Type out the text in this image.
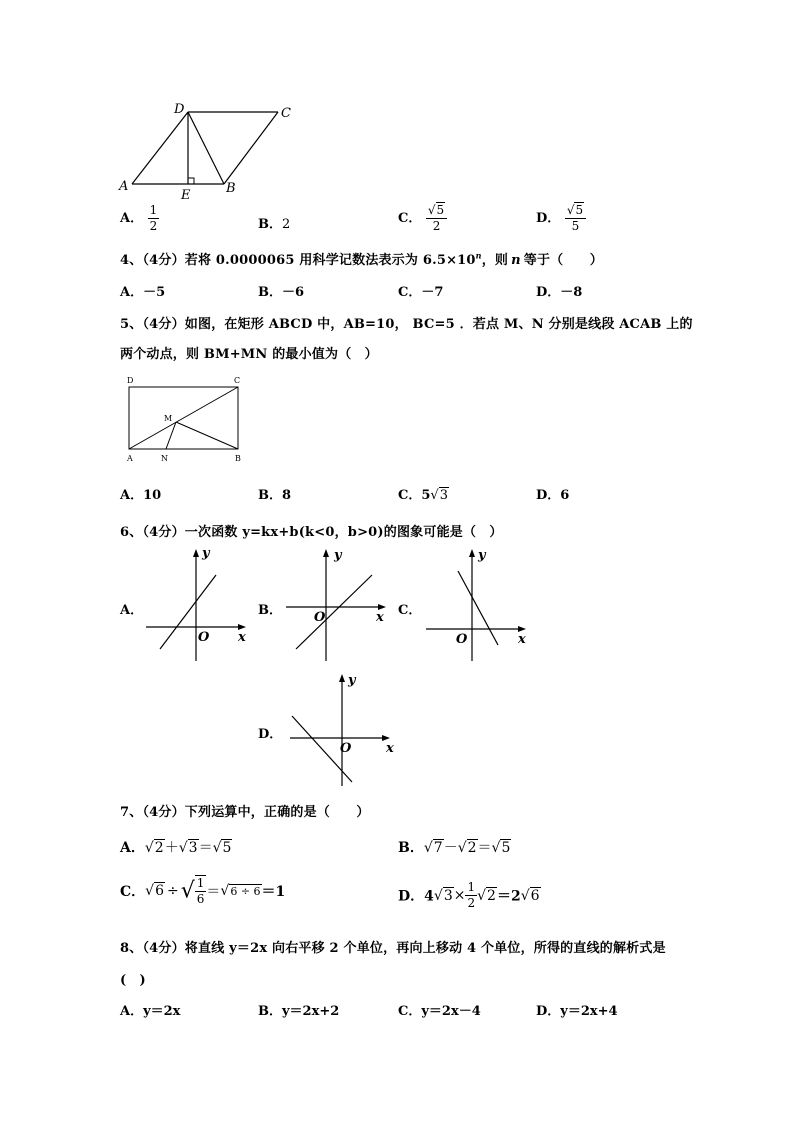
D	C
A
E	B
A． $\frac{1}{2}$	B．2	C． $\frac{√5}{2}$	D． $\frac{√5}{5}$
4、（4分）若将 0.0000065 用科学记数法表示为 $6.5\times 10^n$，则 n 等于（　　）
A．－5	B．－6	C．－7	D．－8
5、（4分）如图，在矩形 ABCD 中，AB=10， BC=5 ．若点 M、N 分别是线段 ACAB 上的
两个动点，则 BM+MN 的最小值为（　）
D	C
M
A	N	B
A．10	B．8	C．5√3	D．6
6、（4分）一次函数 y=kx+b(k<0，b>0)的图象可能是（　）
A．
y
x
O
B．
y
x
O	C．
y
x
O
D．
y
x
O
7、（4分）下列运算中，正确的是（　　）
A．√2＋√3＝√5	B．√7－√2＝√5
C．√6 ÷√ $\frac{1}{6} =√6 \div 6=1$	D．$4√3\times \frac{1}{2} √2=2√6$
8、（4分）将直线 y＝2x 向右平移 2 个单位，再向上移动 4 个单位，所得的直线的解析式是
(　)
A．y＝2x	B．y＝2x+2	C．y＝2x－4	D．y＝2x+4
